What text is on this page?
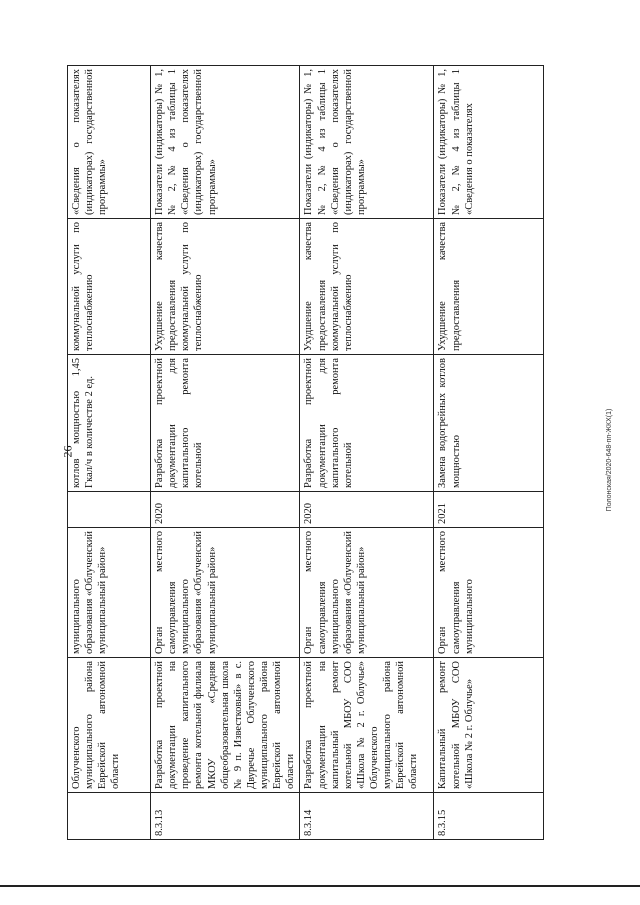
26
	Облученского муниципального района Еврейской автономной области	муниципального образования «Облученский муниципальный район»		котлов мощностью 1,45 Гкал/ч в количестве 2 ед.	коммунальной услуги по теплоснабжению	«Сведения о показателях (индикаторах) государственной программы»
8.3.13	Разработка проектной документации на проведение капитального ремонта котельной филиала МКОУ «Средняя общеобразовательная школа № 9 п. Известковый» в с. Двуречье Облученского муниципального района Еврейской автономной области	Орган местного самоуправления муниципального образования «Облученский муниципальный район»	2020	Разработка проектной документации для капитального ремонта котельной	Ухудшение качества предоставления коммунальной услуги по теплоснабжению	Показатели (индикаторы) № 1, № 2, № 4 из таблицы 1 «Сведения о показателях (индикаторах) государственной программы»
8.3.14	Разработка проектной документации на капитальный ремонт котельной МБОУ СОО «Школа № 2 г. Облучье» Облученского муниципального района Еврейской автономной области	Орган местного самоуправления муниципального образования «Облученский муниципальный район»	2020	Разработка проектной документации для капитального ремонта котельной	Ухудшение качества предоставления коммунальной услуги по теплоснабжению	Показатели (индикаторы) № 1, № 2, № 4 из таблицы 1 «Сведения о показателях (индикаторах) государственной программы»
8.3.15	Капитальный ремонт котельной МБОУ СОО «Школа № 2 г. Облучье»	Орган местного самоуправления муниципального	2021	Замена водогрейных котлов мощностью	Ухудшение качества предоставления	Показатели (индикаторы) № 1, № 2, № 4 из таблицы 1 «Сведения о показателях
Полонская/2020-648-пп-ЖКХ(1)
